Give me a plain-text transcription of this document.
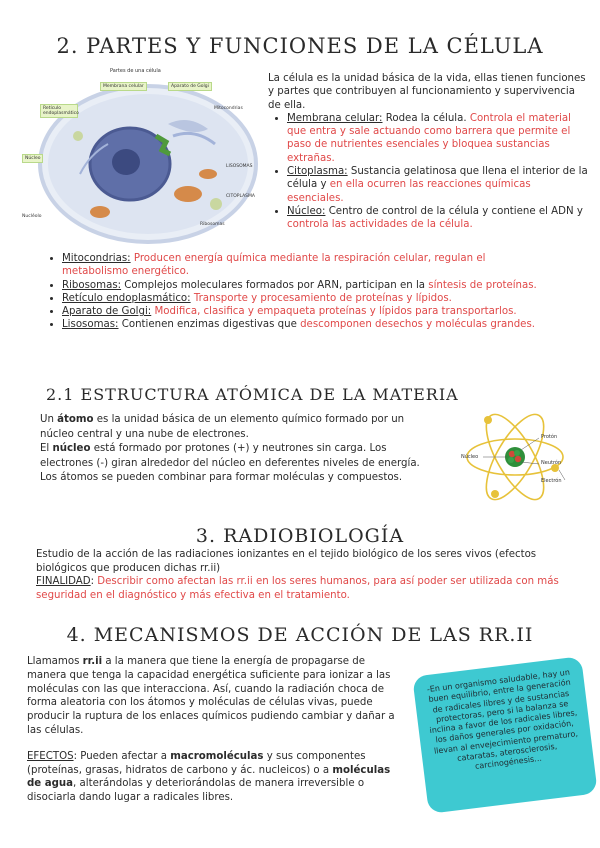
2. PARTES Y FUNCIONES DE LA CÉLULA
Partes de una célula
Membrana celular	Aparato de Golgi
Retículo endoplasmático
Mitocondrias
Núcleo
Nucléolo
LISOSOMAS
CITOPLASMA
Ribosomas

La célula es la unidad básica de la vida, ellas tienen funciones y partes que contribuyen al funcionamiento y supervivencia de ella.

• Membrana celular: Rodea la célula. Controla el material que entra y sale actuando como barrera que permite el paso de nutrientes esenciales y bloquea sustancias extrañas.
• Citoplasma: Sustancia gelatinosa que llena el interior de la célula y en ella ocurren las reacciones químicas esenciales.
• Núcleo: Centro de control de la célula y contiene el ADN y controla las actividades de la célula.
• Mitocondrias: Producen energía química mediante la respiración celular, regulan el metabolismo energético.
• Ribosomas: Complejos moleculares formados por ARN, participan en la síntesis de proteínas.
• Retículo endoplasmático: Transporte y procesamiento de proteínas y lípidos.
• Aparato de Golgi: Modifica, clasifica y empaqueta proteínas y lípidos para transportarlos.
• Lisosomas: Contienen enzimas digestivas que descomponen desechos y moléculas grandes.
2.1 ESTRUCTURA ATÓMICA DE LA MATERIA

Un átomo es la unidad básica de un elemento químico formado por un núcleo central y una nube de electrones.

El núcleo está formado por protones (+) y neutrones sin carga. Los electrones (-) giran alrededor del núcleo en deferentes niveles de energía.

Los átomos se pueden combinar para formar moléculas y compuestos.

Protón
Núcleo
Neutrón
Electrón
3. RADIOBIOLOGÍA

Estudio de la acción de las radiaciones ionizantes en el tejido biológico de los seres vivos (efectos biológicos que producen dichas rr.ii)

FINALIDAD: Describir como afectan las rr.ii en los seres humanos, para así poder ser utilizada con más seguridad en el diagnóstico y más efectiva en el tratamiento.

4. MECANISMOS DE ACCIÓN DE LAS RR.II

Llamamos rr.ii a la manera que tiene la energía de propagarse de manera que tenga la capacidad energética suficiente para ionizar a las moléculas con las que interacciona. Así, cuando la radiación choca de forma aleatoria con los átomos y moléculas de células vivas, puede producir la ruptura de los enlaces químicos pudiendo cambiar y dañar a las células.

EFECTOS: Pueden afectar a macromoléculas y sus componentes (proteínas, grasas, hidratos de carbono y ác. nucleicos) o a moléculas de agua, alterándolas y deteriorándolas de manera irreversible o disociarla dando lugar a radicales libres.

-En un organismo saludable, hay un buen equilibrio, entre la generación de radicales libres y de sustancias protectoras, pero si la balanza se inclina a favor de los radicales libres, los daños generales por oxidación, llevan al envejecimiento prematuro, cataratas, aterosclerosis, carcinogénesis...
